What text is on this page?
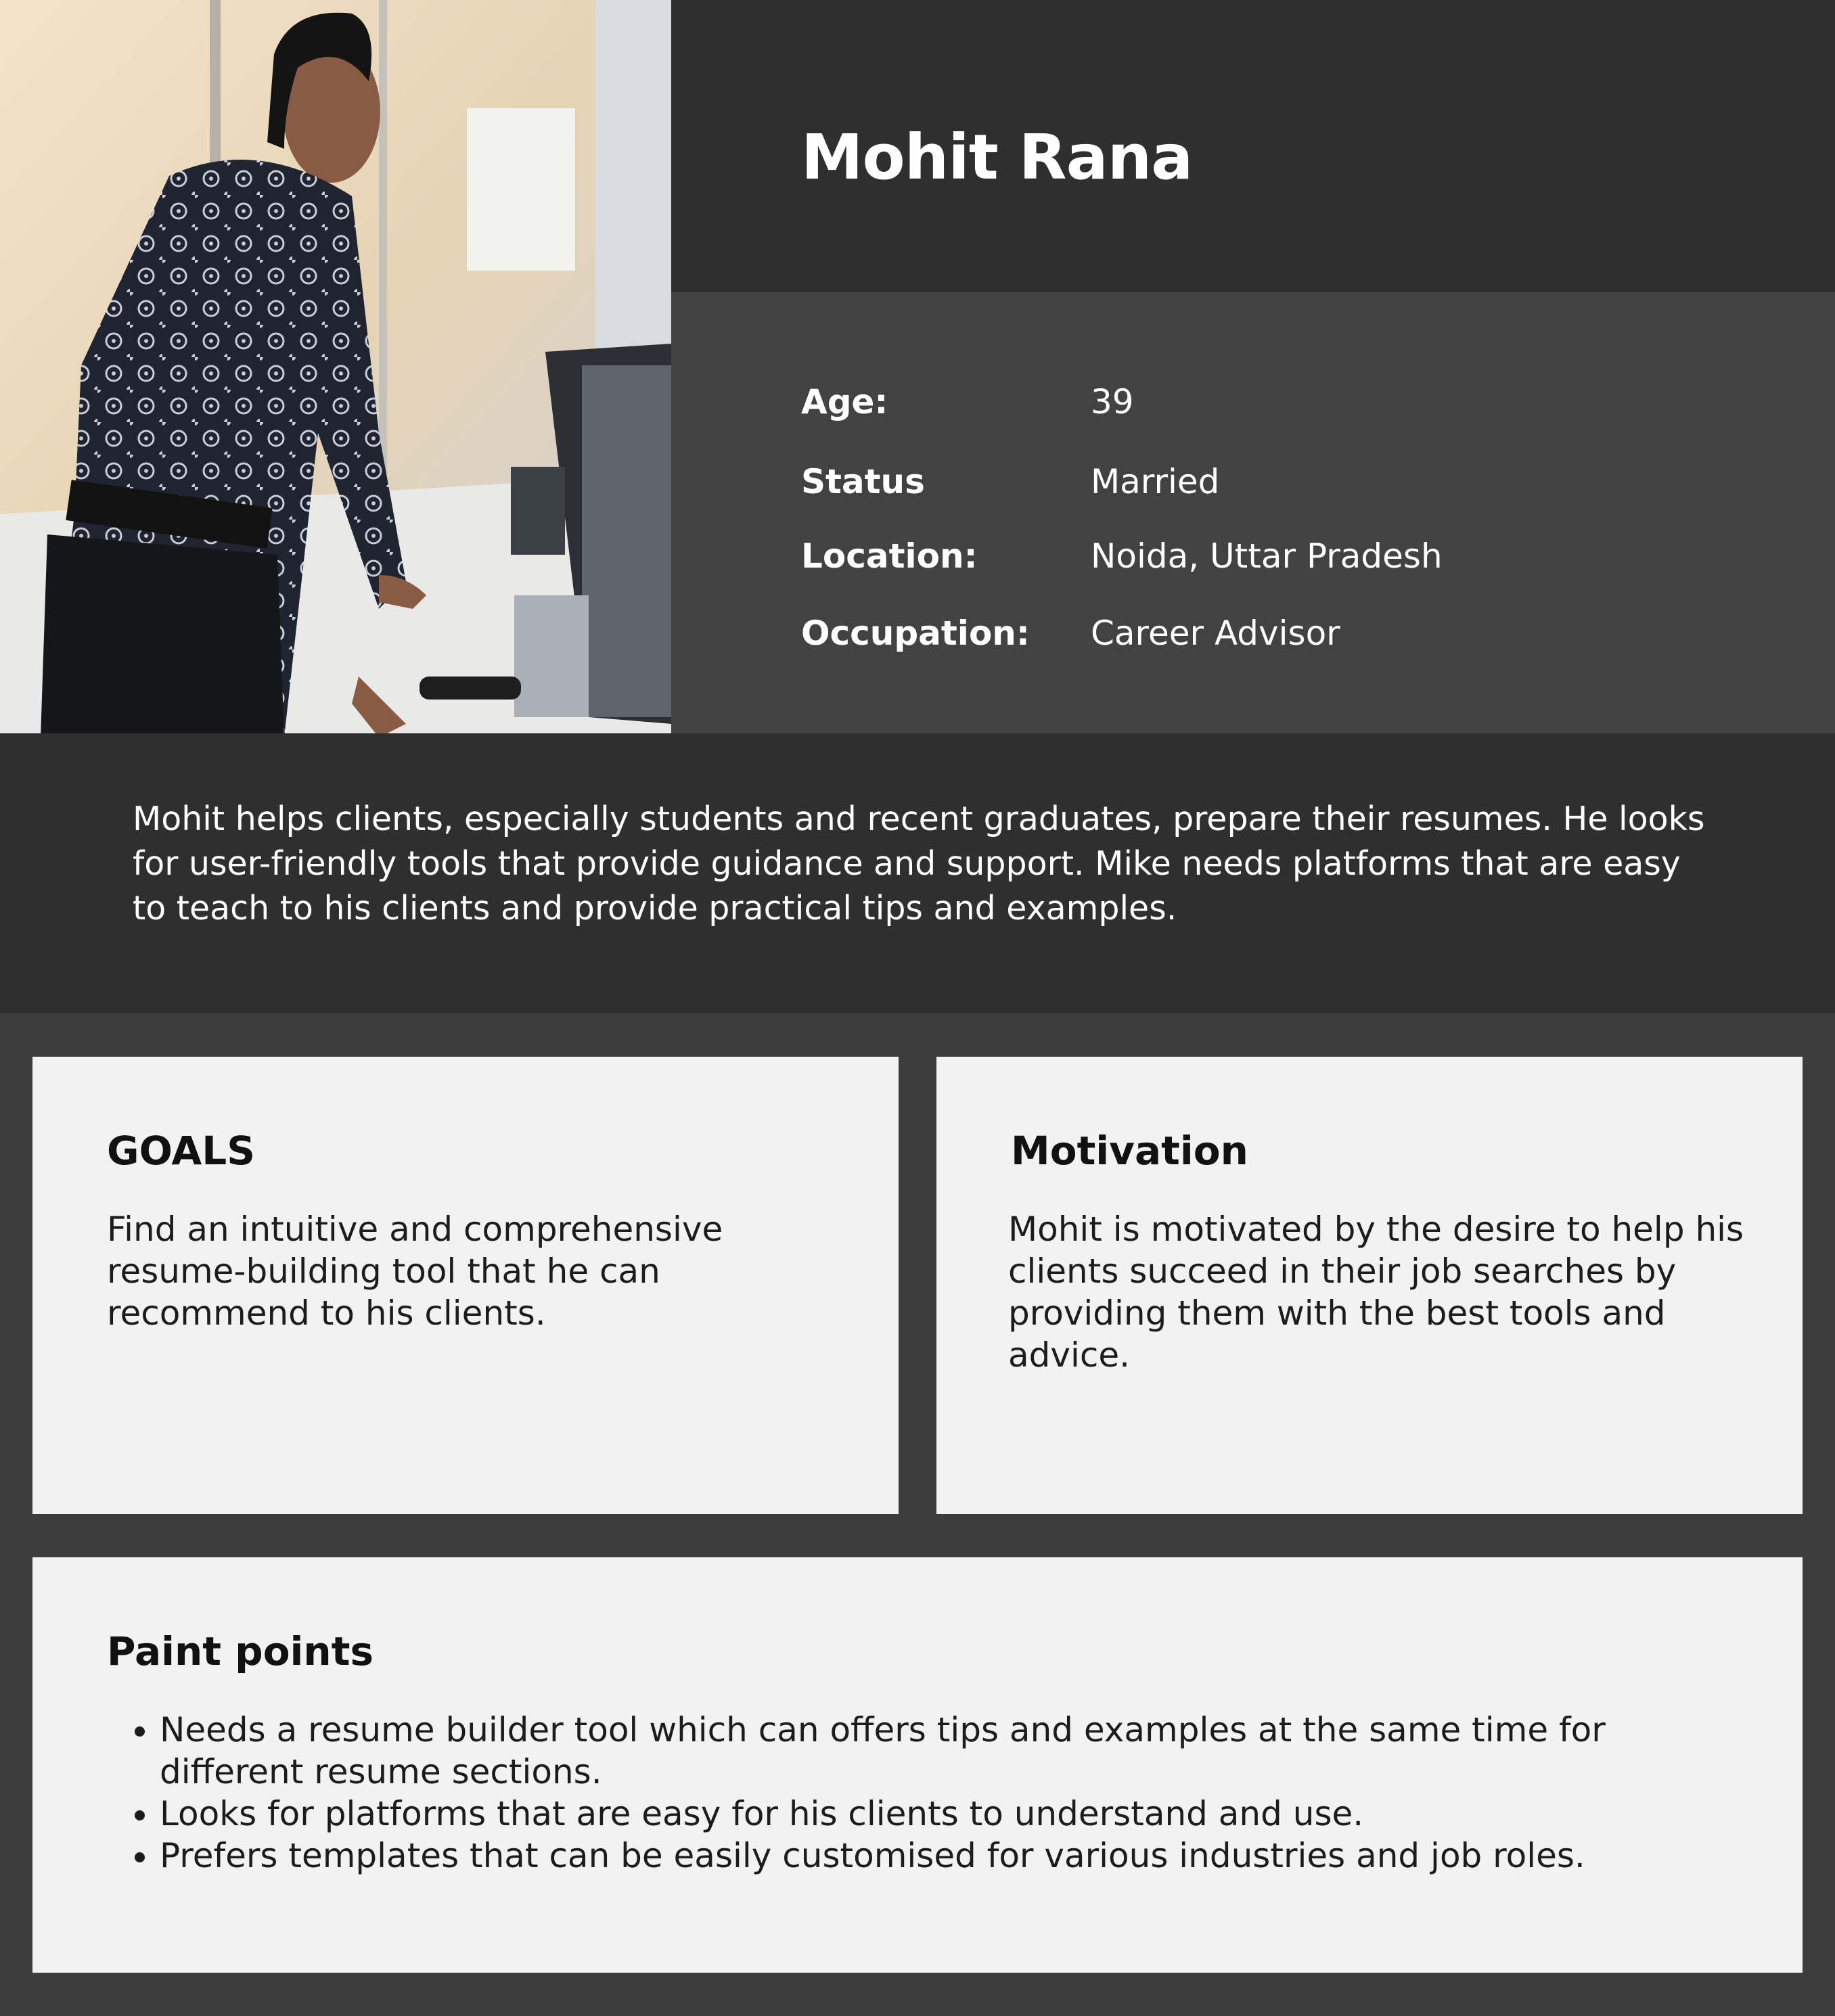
Mohit Rana
Age:	39
Status	Married
Location:	Noida, Uttar Pradesh
Occupation: Career Advisor
Mohit helps clients, especially students and recent graduates, prepare their resumes. He looks for user-friendly tools that provide guidance and support. Mike needs platforms that are easy to teach to his clients and provide practical tips and examples.
GOALS
Find an intuitive and comprehensive resume-building tool that he can recommend to his clients.
Motivation
Mohit is motivated by the desire to help his clients succeed in their job searches by providing them with the best tools and advice.
Paint points
• Needs a resume builder tool which can offers tips and examples at the same time for different resume sections.
• Looks for platforms that are easy for his clients to understand and use.
• Prefers templates that can be easily customised for various industries and job roles.
